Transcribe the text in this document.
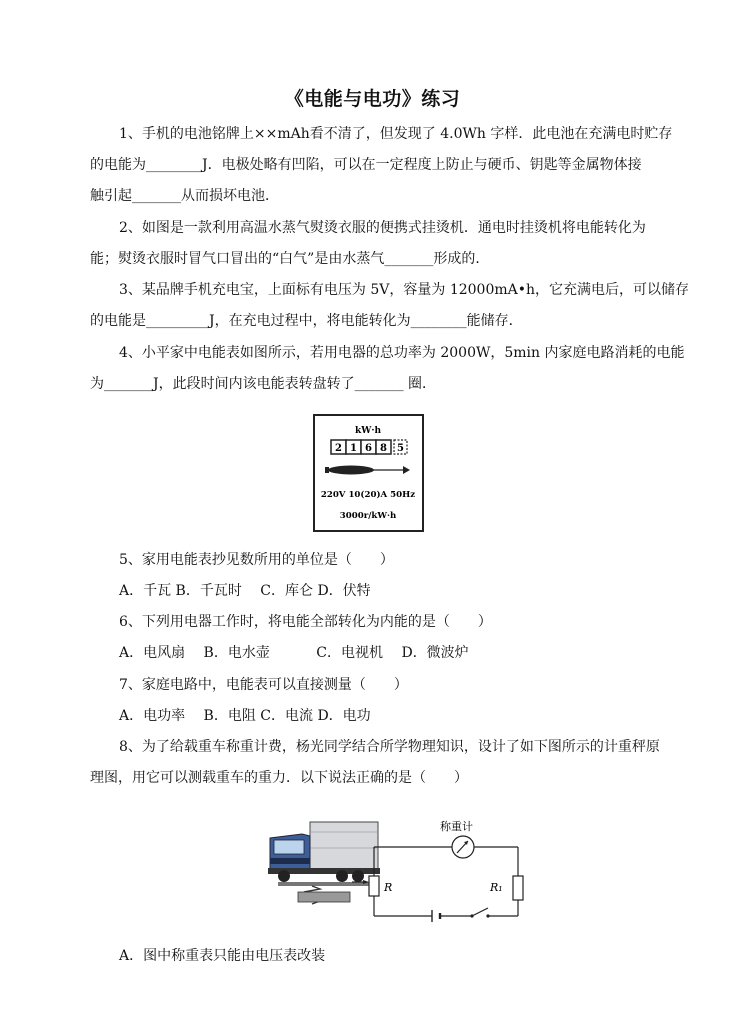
《电能与电功》练习
1、手机的电池铭牌上××mAh看不清了，但发现了 4.0Wh 字样．此电池在充满电时贮存
的电能为________J．电极处略有凹陷，可以在一定程度上防止与硬币、钥匙等金属物体接
触引起_______从而损坏电池．
2、如图是一款利用高温水蒸气熨烫衣服的便携式挂烫机．通电时挂烫机将电能转化为
能；熨烫衣服时冒气口冒出的“白气”是由水蒸气_______形成的．
3、某品牌手机充电宝，上面标有电压为 5V，容量为 12000mA•h，它充满电后，可以储存
的电能是_________J，在充电过程中，将电能转化为________能储存．
4、小平家中电能表如图所示，若用电器的总功率为 2000W，5min 内家庭电路消耗的电能
为_______J，此段时间内该电能表转盘转了_______ 圈．
kW·h
2 1 6 8 5
220V 10(20)A 50Hz
3000r/kW·h
5、家用电能表抄见数所用的单位是（　　）
A．千瓦 B．千瓦时　 C．库仑 D．伏特
6、下列用电器工作时，将电能全部转化为内能的是（　　）
A．电风扇　 B．电水壶　　　 C．电视机　 D．微波炉
7、家庭电路中，电能表可以直接测量（　　）
A．电功率　 B．电阻 C．电流 D．电功
8、为了给载重车称重计费，杨光同学结合所学物理知识，设计了如下图所示的计重秤原
理图，用它可以测载重车的重力．以下说法正确的是（　　）
称重计
R	R₁
A．图中称重表只能由电压表改装
